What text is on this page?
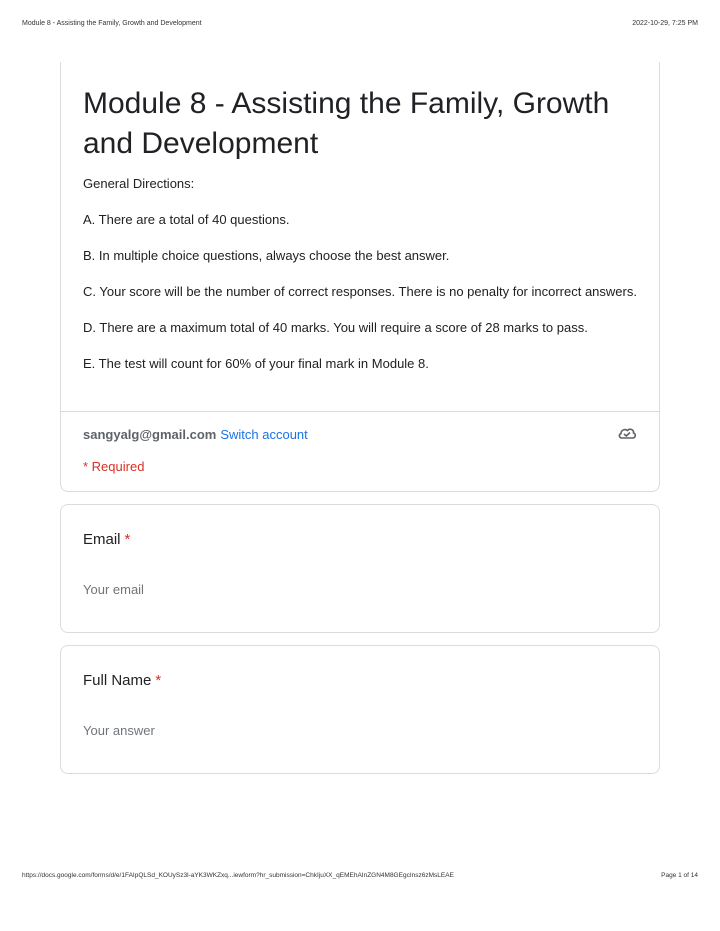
Module 8 - Assisting the Family, Growth and Development	2022-10-29, 7:25 PM
Module 8 - Assisting the Family, Growth and Development

General Directions:

A. There are a total of 40 questions.

B. In multiple choice questions, always choose the best answer.

C. Your score will be the number of correct responses. There is no penalty for incorrect answers.

D. There are a maximum total of 40 marks. You will require a score of 28 marks to pass.

E. The test will count for 60% of your final mark in Module 8.

sangyalg@gmail.com Switch account
* Required
Email *
Your email
Full Name *
Your answer
https://docs.google.com/forms/d/e/1FAIpQLSd_KOUySz3l-aYK3WKZxq...iewform?hr_submission=ChkIjuXX_qEMEhAInZGN4M8GEgcInsz6zMsLEAE	Page 1 of 14
